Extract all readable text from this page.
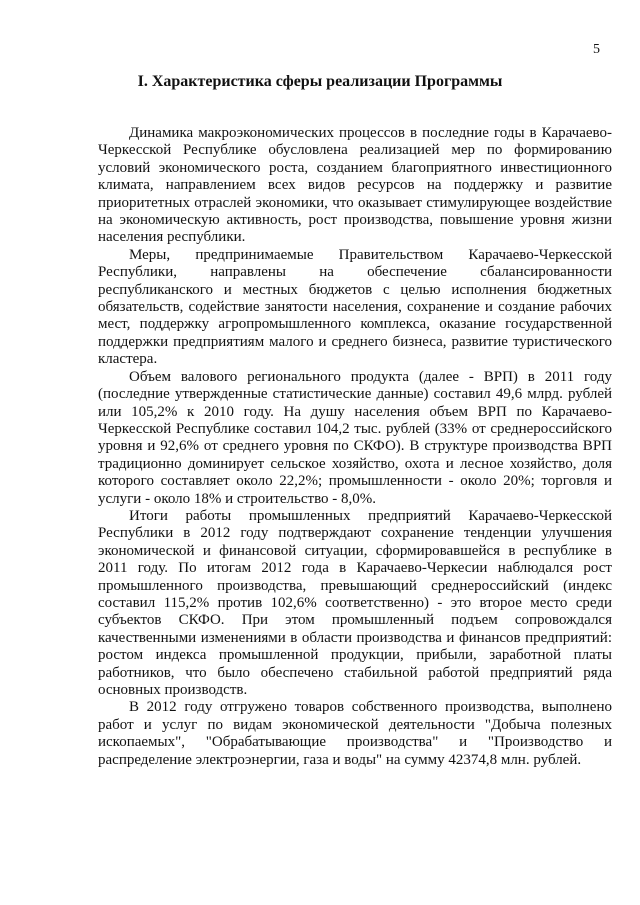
5
I. Характеристика сферы реализации Программы

Динамика макроэкономических процессов в последние годы в Карачаево-Черкесской Республике обусловлена реализацией мер по формированию условий экономического роста, созданием благоприятного инвестиционного климата, направлением всех видов ресурсов на поддержку и развитие приоритетных отраслей экономики, что оказывает стимулирующее воздействие на экономическую активность, рост производства, повышение уровня жизни населения республики.

Меры, предпринимаемые Правительством Карачаево-Черкесской Республики, направлены на обеспечение сбалансированности республиканского и местных бюджетов с целью исполнения бюджетных обязательств, содействие занятости населения, сохранение и создание рабочих мест, поддержку агропромышленного комплекса, оказание государственной поддержки предприятиям малого и среднего бизнеса, развитие туристического кластера.

Объем валового регионального продукта (далее - ВРП) в 2011 году (последние утвержденные статистические данные) составил 49,6 млрд. рублей или 105,2% к 2010 году. На душу населения объем ВРП по Карачаево-Черкесской Республике составил 104,2 тыс. рублей (33% от среднероссийского уровня и 92,6% от среднего уровня по СКФО). В структуре производства ВРП традиционно доминирует сельское хозяйство, охота и лесное хозяйство, доля которого составляет около 22,2%; промышленности - около 20%; торговля и услуги - около 18% и строительство - 8,0%.

Итоги работы промышленных предприятий Карачаево-Черкесской Республики в 2012 году подтверждают сохранение тенденции улучшения экономической и финансовой ситуации, сформировавшейся в республике в 2011 году. По итогам 2012 года в Карачаево-Черкесии наблюдался рост промышленного производства, превышающий среднероссийский (индекс составил 115,2% против 102,6% соответственно) - это второе место среди субъектов СКФО. При этом промышленный подъем сопровождался качественными изменениями в области производства и финансов предприятий: ростом индекса промышленной продукции, прибыли, заработной платы работников, что было обеспечено стабильной работой предприятий ряда основных производств.

В 2012 году отгружено товаров собственного производства, выполнено работ и услуг по видам экономической деятельности "Добыча полезных ископаемых", "Обрабатывающие производства" и "Производство и распределение электроэнергии, газа и воды" на сумму 42374,8 млн. рублей.
